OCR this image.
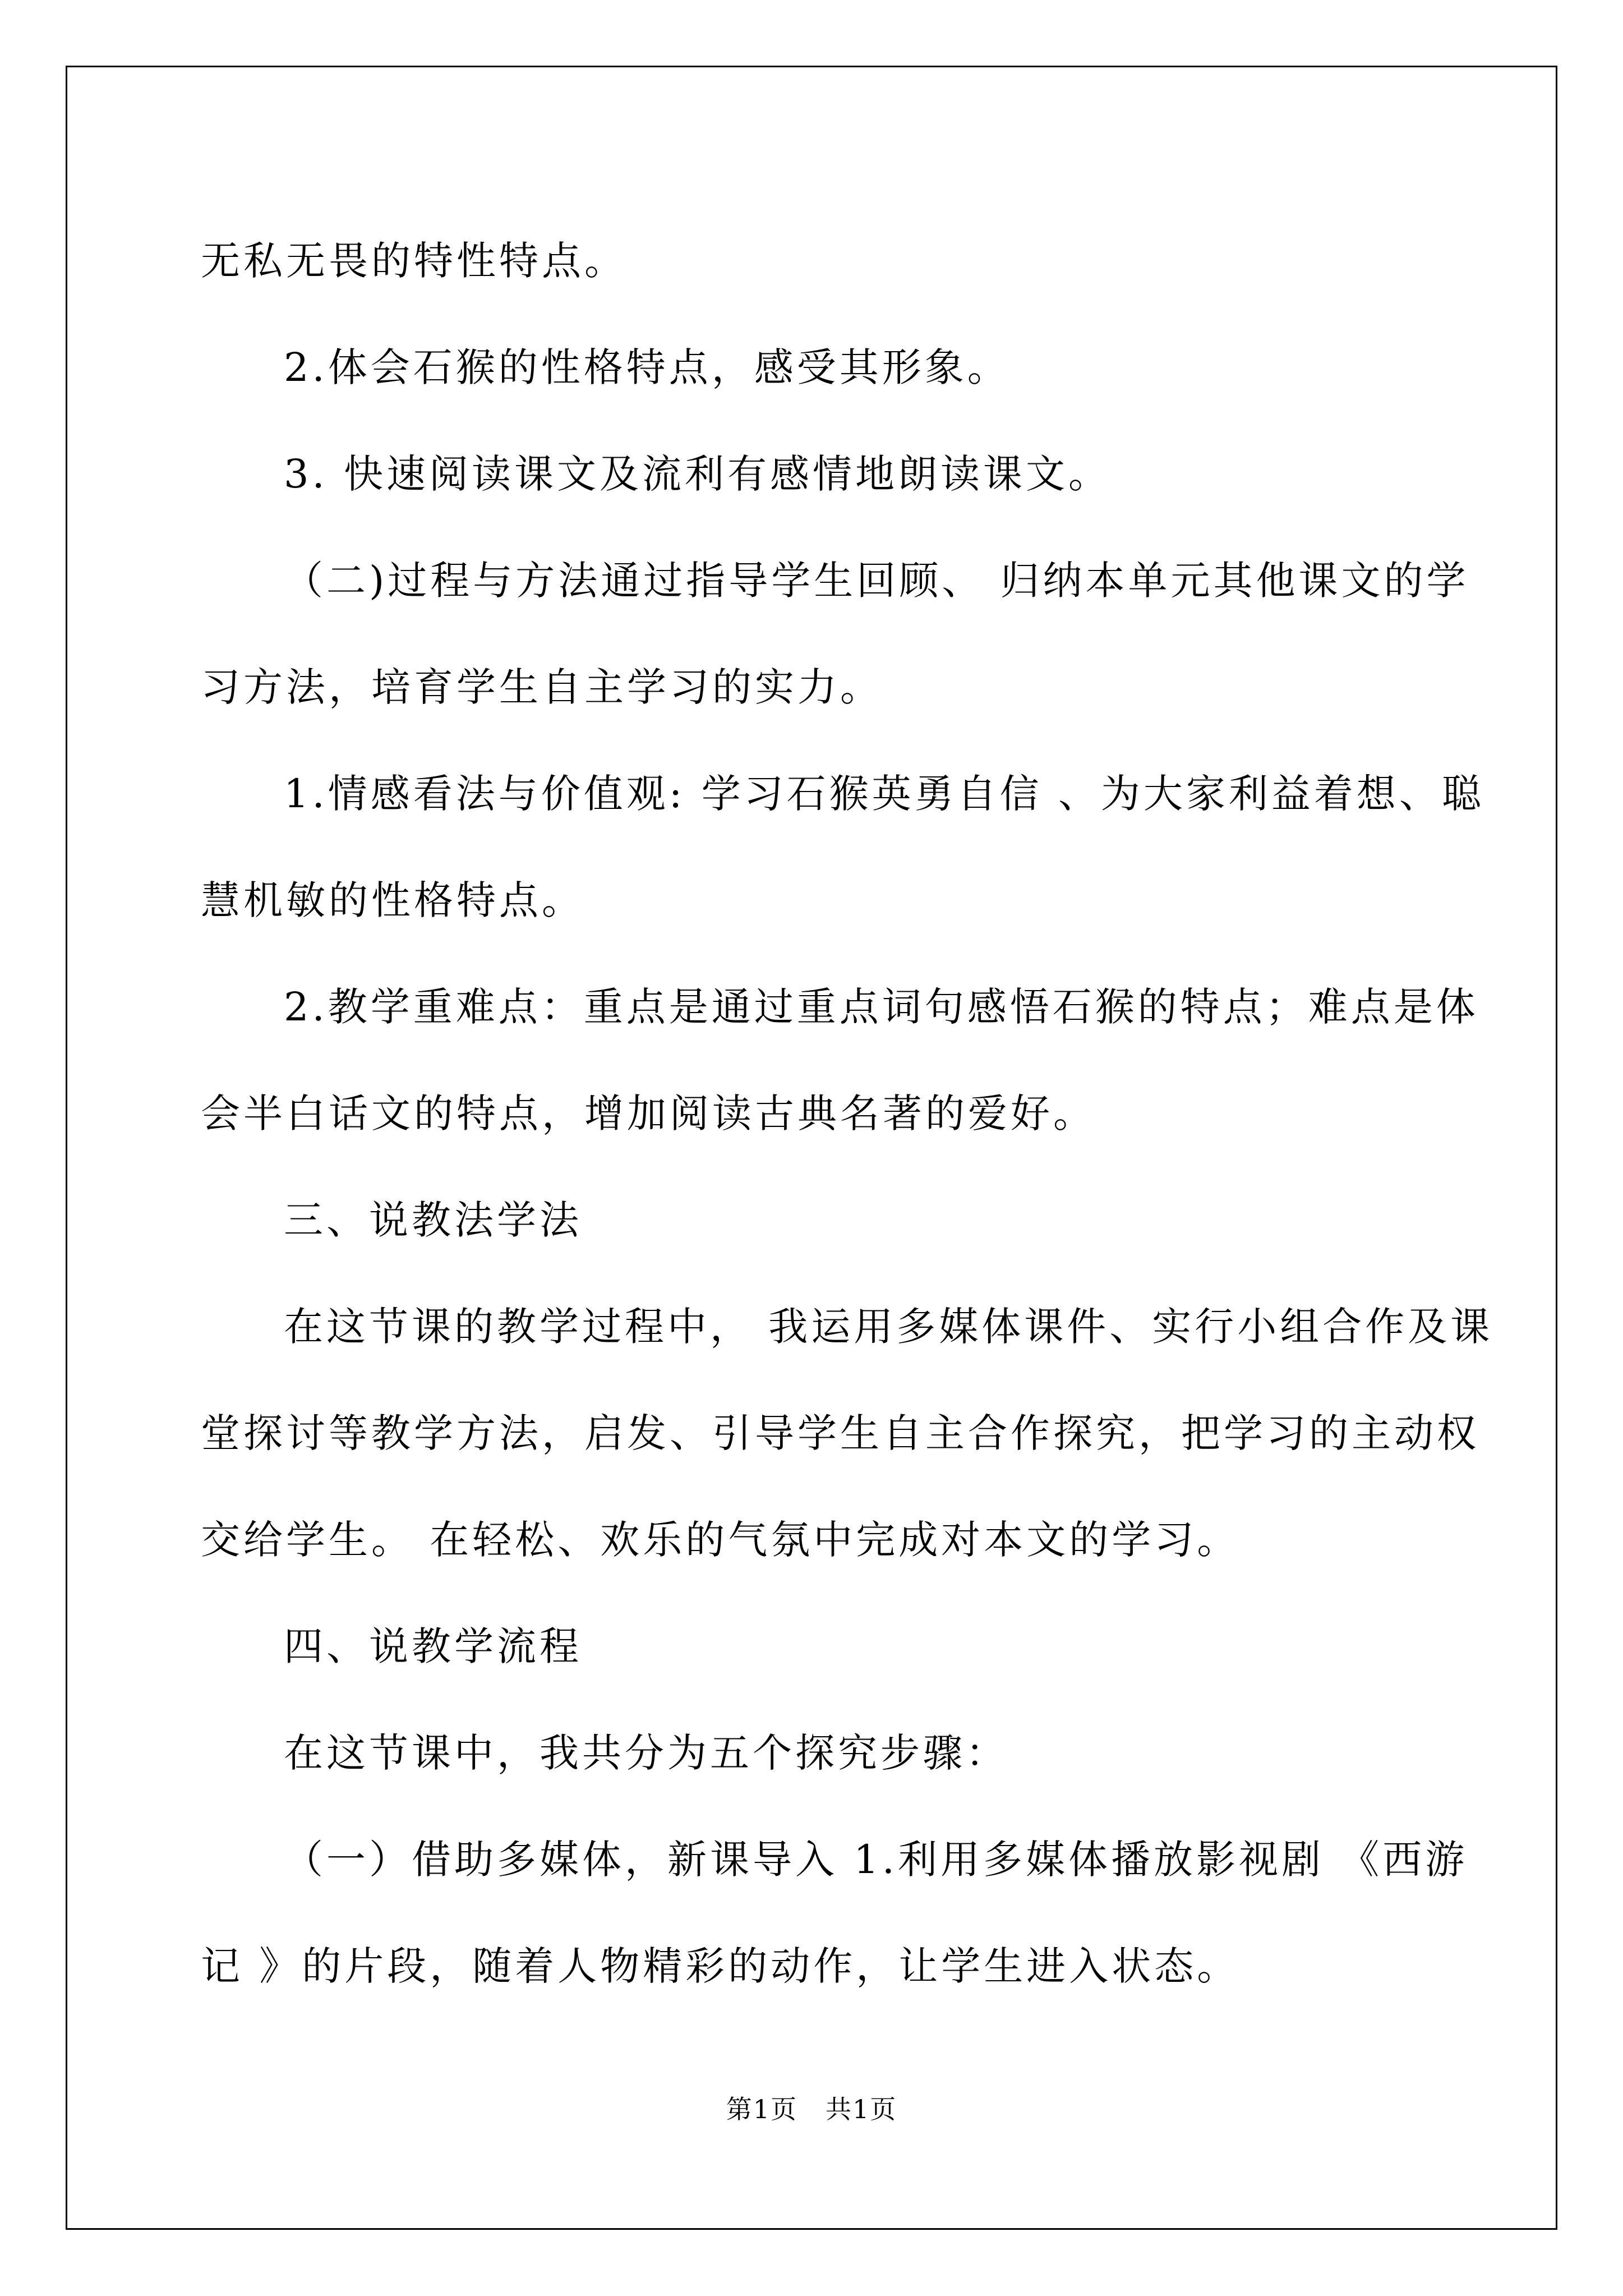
无私无畏的特性特点。

2.体会石猴的性格特点，感受其形象。

3. 快速阅读课文及流利有感情地朗读课文。

（二)过程与方法通过指导学生回顾、 归纳本单元其他课文的学

习方法，培育学生自主学习的实力。

1.情感看法与价值观: 学习石猴英勇自信 、为大家利益着想、聪

慧机敏的性格特点。

2.教学重难点：重点是通过重点词句感悟石猴的特点；难点是体

会半白话文的特点，增加阅读古典名著的爱好。

三、说教法学法

在这节课的教学过程中， 我运用多媒体课件、实行小组合作及课

堂探讨等教学方法，启发、引导学生自主合作探究，把学习的主动权

交给学生。 在轻松、欢乐的气氛中完成对本文的学习。

四、说教学流程

在这节课中，我共分为五个探究步骤：

（一）借助多媒体，新课导入 1.利用多媒体播放影视剧 《西游

记 》的片段，随着人物精彩的动作，让学生进入状态。

第1页 共1页
